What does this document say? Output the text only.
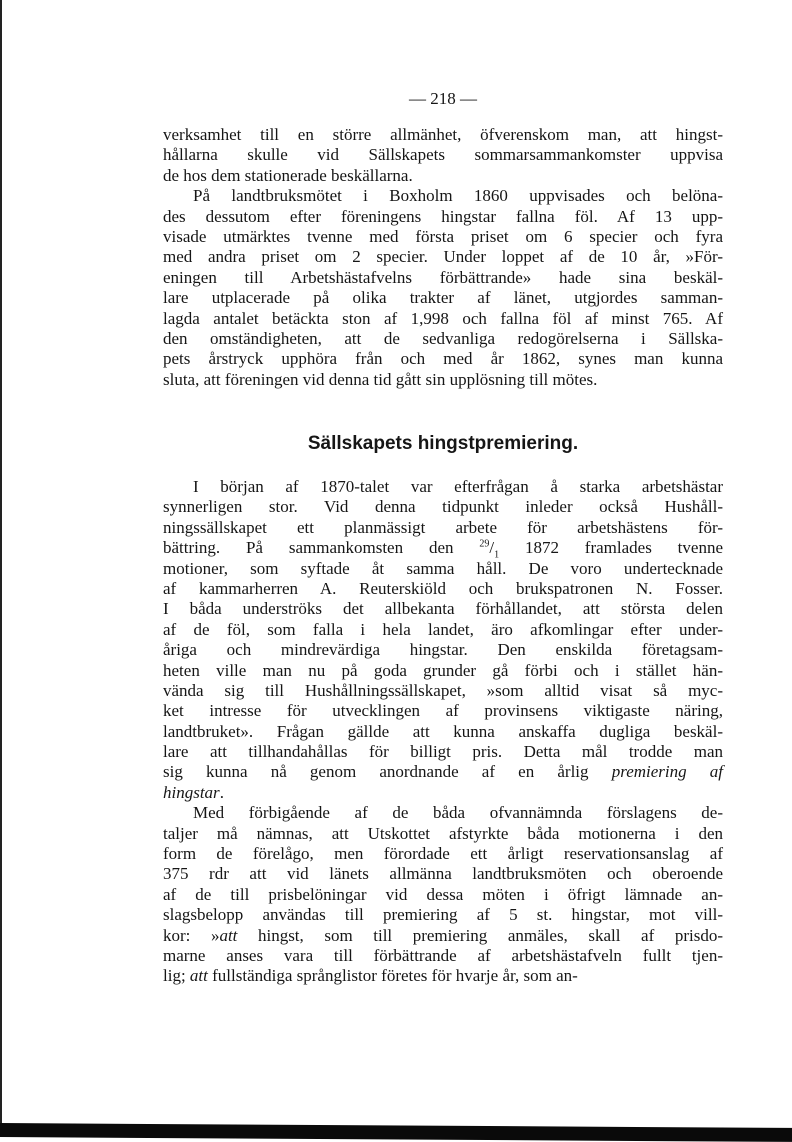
— 218 —
verksamhet till en större allmänhet, öfverenskom man, att hingst-
hållarna skulle vid Sällskapets sommarsammankomster uppvisa
de hos dem stationerade beskällarna.
På landtbruksmötet i Boxholm 1860 uppvisades och belöna-
des dessutom efter föreningens hingstar fallna föl. Af 13 upp-
visade utmärktes tvenne med första priset om 6 specier och fyra
med andra priset om 2 specier. Under loppet af de 10 år, »För-
eningen till Arbetshästafvelns förbättrande» hade sina beskäl-
lare utplacerade på olika trakter af länet, utgjordes samman-
lagda antalet betäckta ston af 1,998 och fallna föl af minst 765. Af
den omständigheten, att de sedvanliga redogörelserna i Sällska-
pets årstryck upphöra från och med år 1862, synes man kunna
sluta, att föreningen vid denna tid gått sin upplösning till mötes.
Sällskapets hingstpremiering.
I början af 1870-talet var efterfrågan å starka arbetshästar
synnerligen stor. Vid denna tidpunkt inleder också Hushåll-
ningssällskapet ett planmässigt arbete för arbetshästens för-
bättring. På sammankomsten den $^{29}/_1$ 1872 framlades tvenne
motioner, som syftade åt samma håll. De voro undertecknade
af kammarherren A. Reuterskiöld och brukspatronen N. Fosser.
I båda underströks det allbekanta förhållandet, att största delen
af de föl, som falla i hela landet, äro afkomlingar efter under-
åriga och mindrevärdiga hingstar. Den enskilda företagsam-
heten ville man nu på goda grunder gå förbi och i stället hän-
vända sig till Hushållningssällskapet, »som alltid visat så myc-
ket intresse för utvecklingen af provinsens viktigaste näring,
landtbruket». Frågan gällde att kunna anskaffa dugliga beskäl-
lare att tillhandahållas för billigt pris. Detta mål trodde man
sig kunna nå genom anordnande af en årlig premiering af
hingstar.
Med förbigående af de båda ofvannämnda förslagens de-
taljer må nämnas, att Utskottet afstyrkte båda motionerna i den
form de förelågo, men förordade ett årligt reservationsanslag af
375 rdr att vid länets allmänna landtbruksmöten och oberoende
af de till prisbelöningar vid dessa möten i öfrigt lämnade an-
slagsbelopp användas till premiering af 5 st. hingstar, mot vill-
kor: »att hingst, som till premiering anmäles, skall af prisdo-
marne anses vara till förbättrande af arbetshästafveln fullt tjen-
lig; att fullständiga språnglistor företes för hvarje år, som an-
